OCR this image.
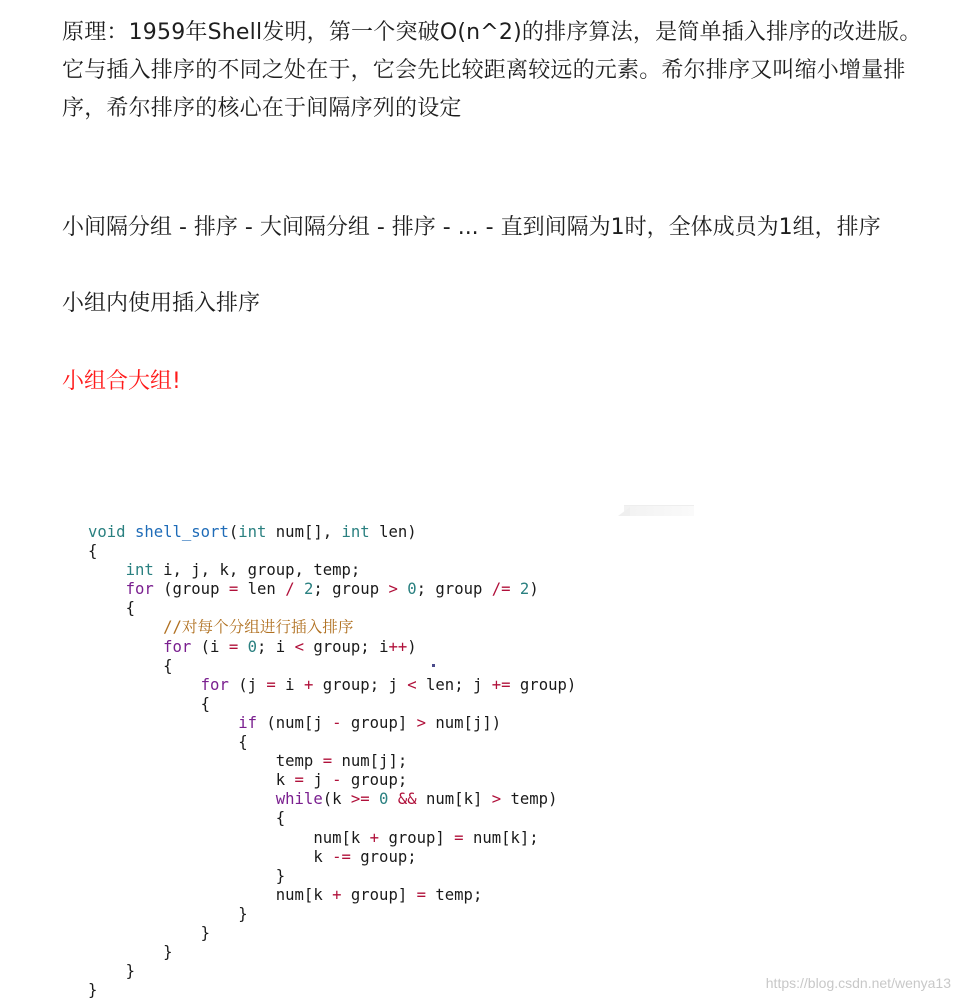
原理：1959年Shell发明，第一个突破O(n^2)的排序算法，是简单插入排序的改进版。它与插入排序的不同之处在于，它会先比较距离较远的元素。希尔排序又叫缩小增量排序，希尔排序的核心在于间隔序列的设定

小间隔分组 - 排序 - 大间隔分组 - 排序 - ... - 直到间隔为1时，全体成员为1组，排序

小组内使用插入排序

小组合大组!

void shell_sort(int num[], int len)
{
int i, j, k, group, temp;
for (group = len / 2; group > 0; group /= 2)
{
//对每个分组进行插入排序
for (i = 0; i < group; i++)
{
for (j = i + group; j < len; j += group)
{
if (num[j - group] > num[j])
{
temp = num[j];
k = j - group;
while(k >= 0 && num[k] > temp)
{
num[k + group] = num[k];
k -= group;
}
num[k + group] = temp;
}
}
}
}
}	https://blog.csdn.net/wenya13
